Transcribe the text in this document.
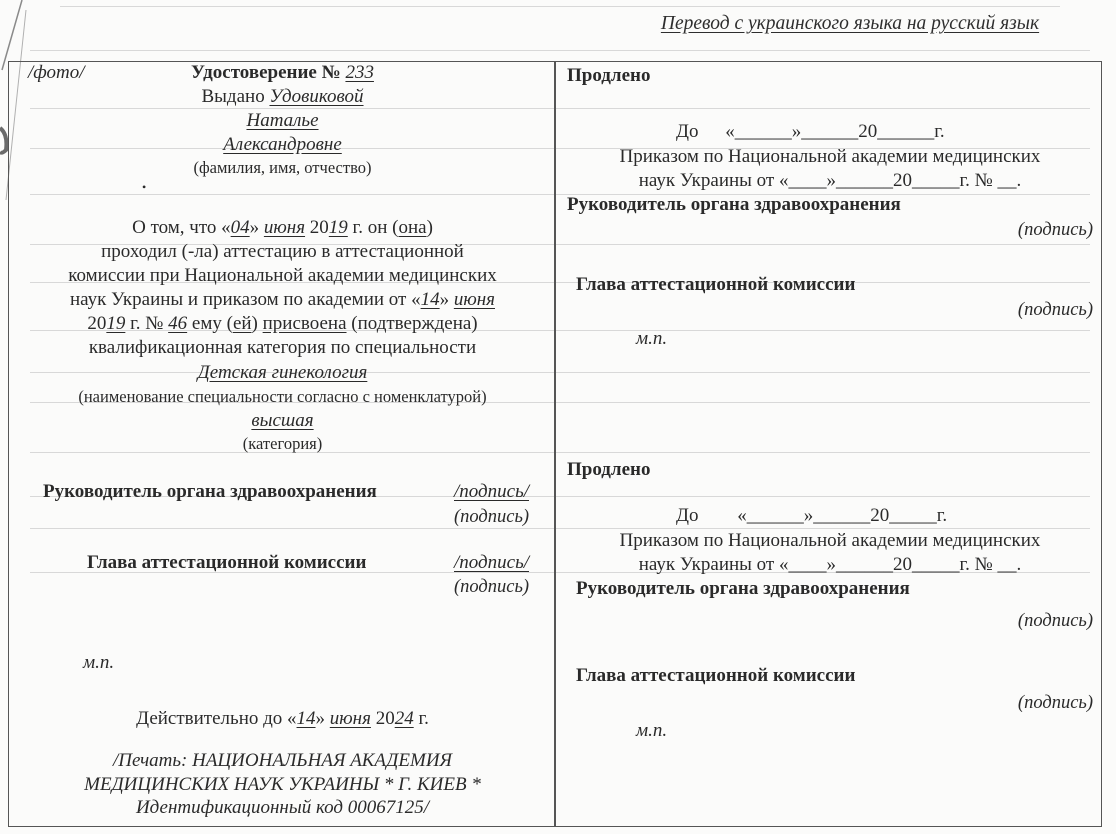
Перевод с украинского языка на русский язык
/фото/	Удостоверение № 233
Выдано Удовиковой
Наталье
Александровне
(фамилия, имя, отчество)
•
О том, что «04» июня 2019 г. он (она)
проходил (-ла) аттестацию в аттестационной
комиссии при Национальной академии медицинских
наук Украины и приказом по академии от «14» июня
2019 г. № 46 ему (ей) присвоена (подтверждена)
квалификационная категория по специальности
Детская гинекология
(наименование специальности согласно с номенклатурой)
высшая
(категория)
Руководитель органа здравоохранения	/подпись/
(подпись)
Глава аттестационной комиссии	/подпись/
(подпись)
м.п.
Действительно до «14» июня 2024 г.
/Печать: НАЦИОНАЛЬНАЯ АКАДЕМИЯ
МЕДИЦИНСКИХ НАУК УКРАИНЫ * Г. КИЕВ *
Идентификационный код 00067125/
Продлено
До «______»______20______г.
Приказом по Национальной академии медицинских
наук Украины от «____»______20_____г. № __.
Руководитель органа здравоохранения
(подпись)
Глава аттестационной комиссии
(подпись)
м.п.
Продлено
До «______»______20_____г.
Приказом по Национальной академии медицинских
наук Украины от «____»______20_____г. № __.
Руководитель органа здравоохранения
(подпись)
Глава аттестационной комиссии
(подпись)
м.п.
